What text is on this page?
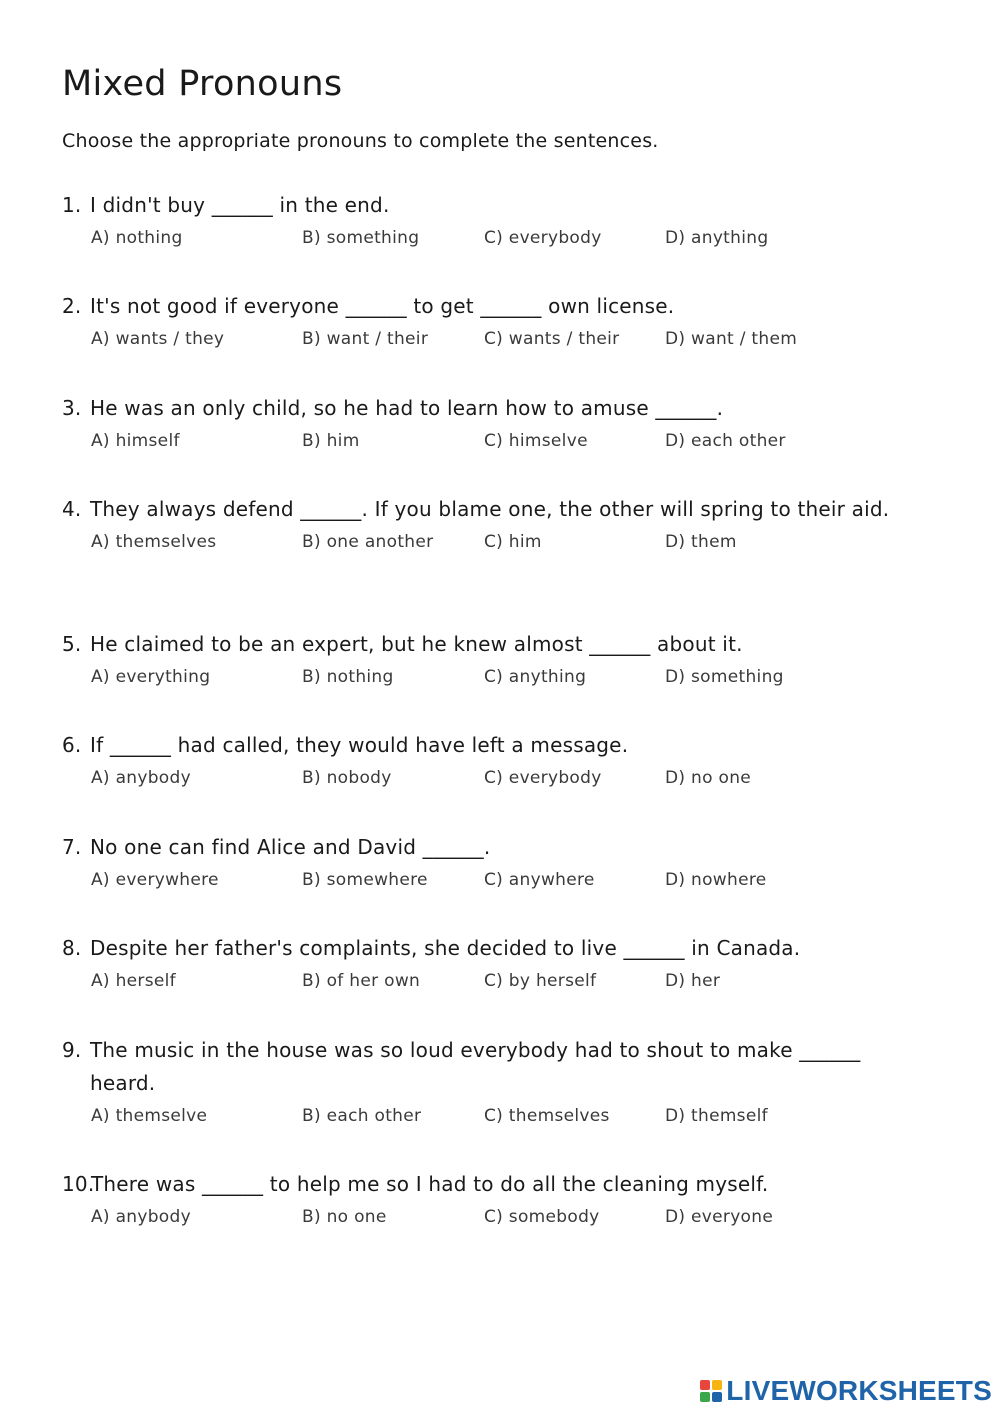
Mixed Pronouns

Choose the appropriate pronouns to complete the sentences.

1. I didn't buy ______ in the end.
A) nothing	B) something	C) everybody	D) anything
2. It's not good if everyone ______ to get ______ own license.
A) wants / they	B) want / their	C) wants / their	D) want / them
3. He was an only child, so he had to learn how to amuse ______.
A) himself	B) him	C) himselve	D) each other
4. They always defend ______. If you blame one, the other will spring to their aid.
A) themselves	B) one another	C) him	D) them
5. He claimed to be an expert, but he knew almost ______ about it.
A) everything	B) nothing	C) anything	D) something
6. If ______ had called, they would have left a message.
A) anybody	B) nobody	C) everybody	D) no one
7. No one can find Alice and David ______.
A) everywhere	B) somewhere	C) anywhere	D) nowhere
8. Despite her father's complaints, she decided to live ______ in Canada.
A) herself	B) of her own	C) by herself	D) her
9. The music in the house was so loud everybody had to shout to make ______ heard.
A) themselve	B) each other	C) themselves	D) themself
10.
There was ______ to help me so I had to do all the cleaning myself.
A) anybody	B) no one	C) somebody	D) everyone
LIVEWORKSHEETS
